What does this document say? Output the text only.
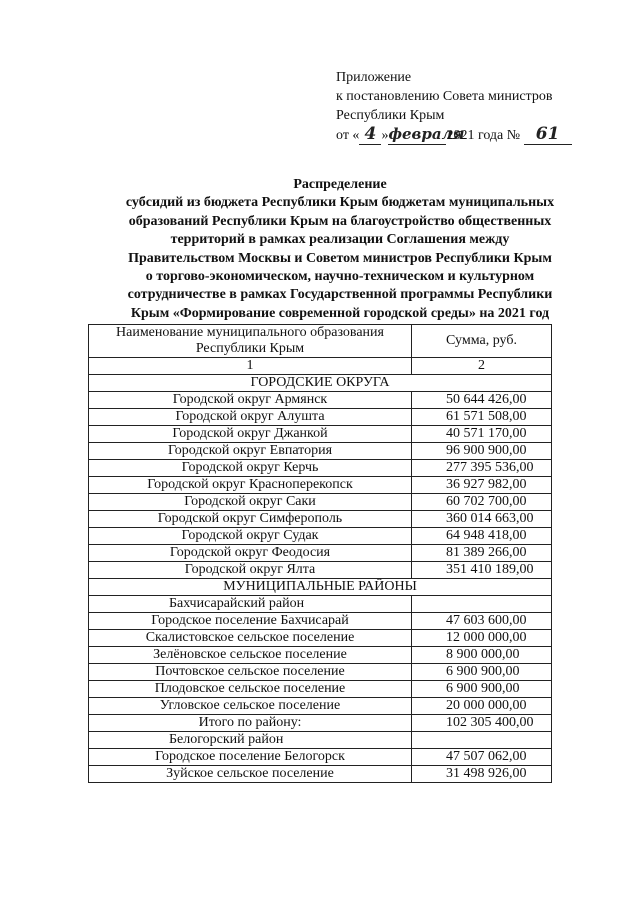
Приложение
к постановлению Совета министров
Республики Крым
от « 4 »февраля2021 года № 61
Распределение
субсидий из бюджета Республики Крым бюджетам муниципальных
образований Республики Крым на благоустройство общественных
территорий в рамках реализации Соглашения между
Правительством Москвы и Советом министров Республики Крым
о торгово-экономическом, научно-техническом и культурном
сотрудничестве в рамках Государственной программы Республики
Крым «Формирование современной городской среды» на 2021 год
Наименование муниципального образования
Республики Крым	Сумма, руб.
1	2
ГОРОДСКИЕ ОКРУГА	
Городской округ Армянск	50 644 426,00
Городской округ Алушта	61 571 508,00
Городской округ Джанкой	40 571 170,00
Городской округ Евпатория	96 900 900,00
Городской округ Керчь	277 395 536,00
Городской округ Красноперекопск	36 927 982,00
Городской округ Саки	60 702 700,00
Городской округ Симферополь	360 014 663,00
Городской округ Судак	64 948 418,00
Городской округ Феодосия	81 389 266,00
Городской округ Ялта	351 410 189,00
МУНИЦИПАЛЬНЫЕ РАЙОНЫ	
Бахчисарайский район	
Городское поселение Бахчисарай	47 603 600,00
Скалистовское сельское поселение	12 000 000,00
Зелёновское сельское поселение	8 900 000,00
Почтовское сельское поселение	6 900 900,00
Плодовское сельское поселение	6 900 900,00
Угловское сельское поселение	20 000 000,00
Итого по району:	102 305 400,00
Белогорский район	
Городское поселение Белогорск	47 507 062,00
Зуйское сельское поселение	31 498 926,00
